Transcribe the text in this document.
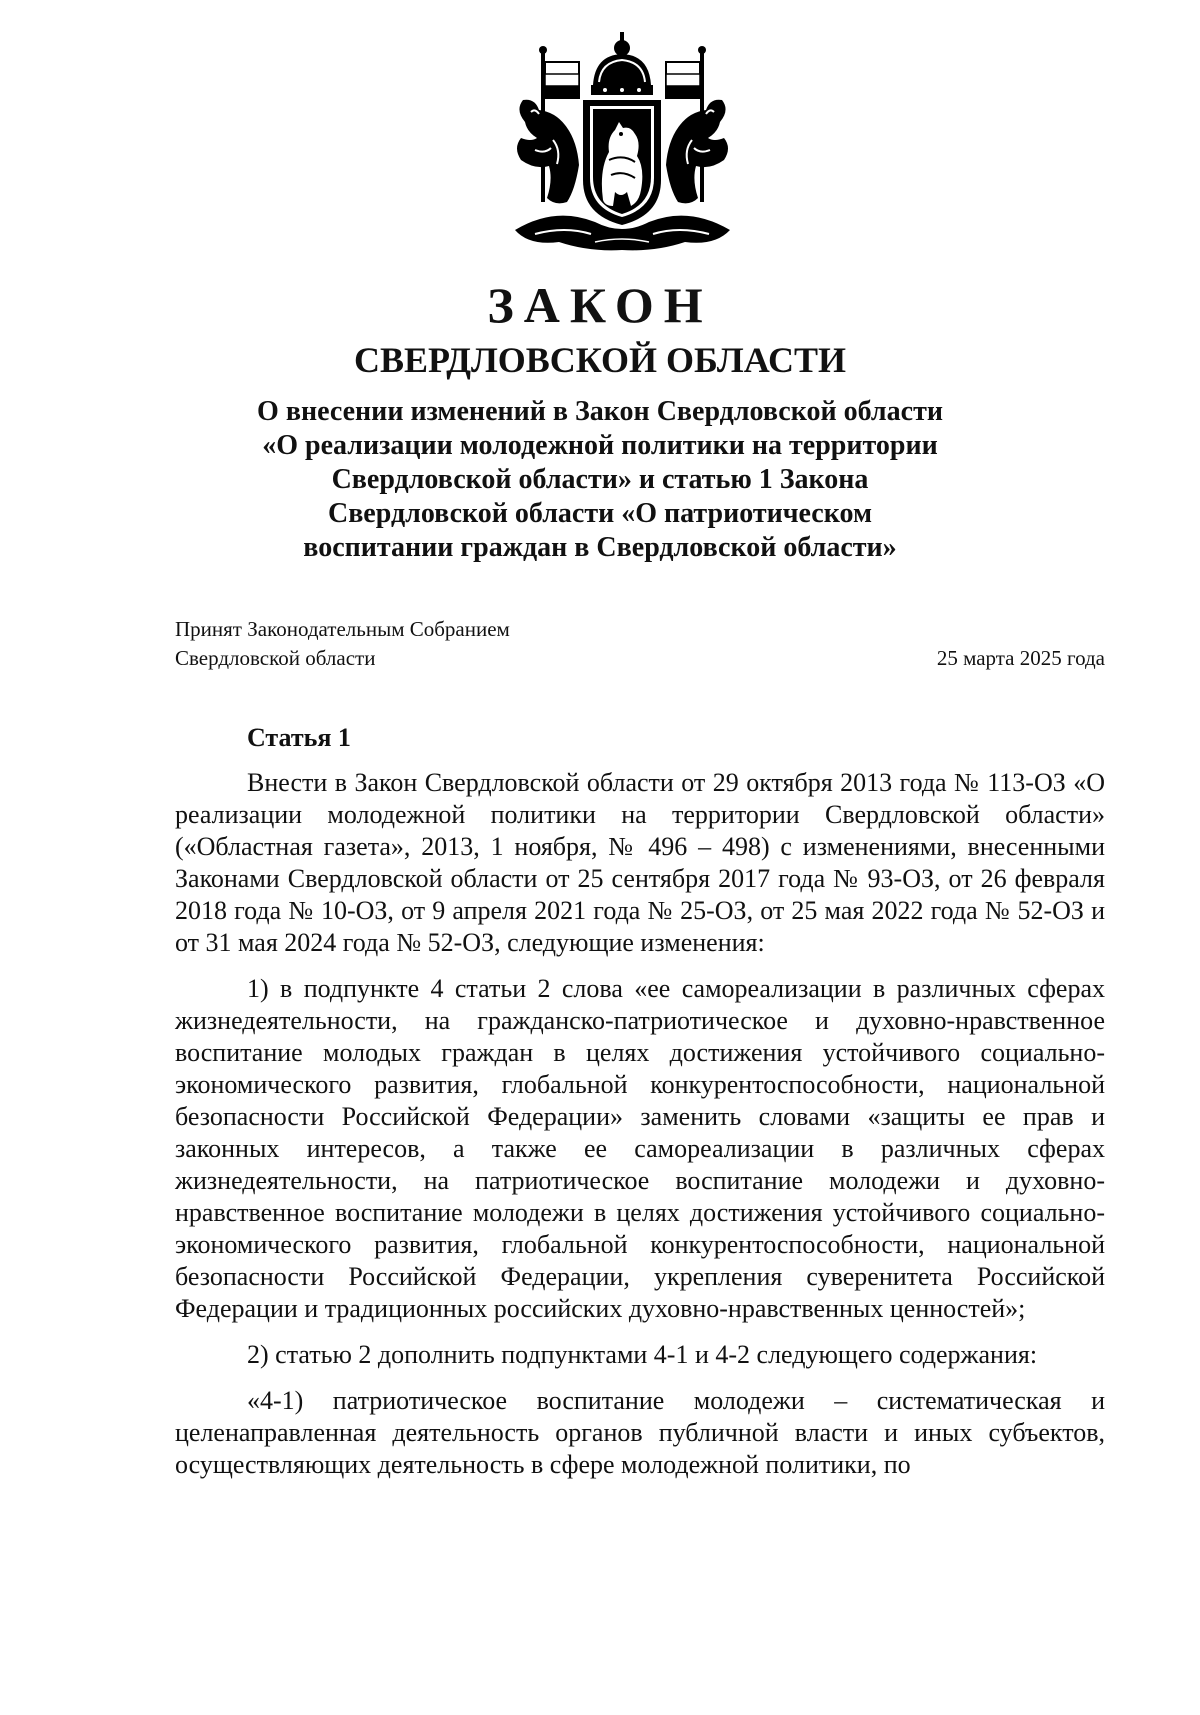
ЗАКОН
СВЕРДЛОВСКОЙ ОБЛАСТИ
О внесении изменений в Закон Свердловской области
«О реализации молодежной политики на территории
Свердловской области» и статью 1 Закона
Свердловской области «О патриотическом
воспитании граждан в Свердловской области»
Принят Законодательным Собранием
Свердловской области	25 марта 2025 года
Статья 1

Внести в Закон Свердловской области от 29 октября 2013 года № 113-ОЗ «О реализации молодежной политики на территории Свердловской области» («Областная газета», 2013, 1 ноября, № 496 – 498) с изменениями, внесенными Законами Свердловской области от 25 сентября 2017 года № 93-ОЗ, от 26 февраля 2018 года № 10-ОЗ, от 9 апреля 2021 года № 25-ОЗ, от 25 мая 2022 года № 52-ОЗ и от 31 мая 2024 года № 52-ОЗ, следующие изменения:

1) в подпункте 4 статьи 2 слова «ее самореализации в различных сферах жизнедеятельности, на гражданско-патриотическое и духовно-нравственное воспитание молодых граждан в целях достижения устойчивого социально-экономического развития, глобальной конкурентоспособности, национальной безопасности Российской Федерации» заменить словами «защиты ее прав и законных интересов, а также ее самореализации в различных сферах жизнедеятельности, на патриотическое воспитание молодежи и духовно-нравственное воспитание молодежи в целях достижения устойчивого социально-экономического развития, глобальной конкурентоспособности, национальной безопасности Российской Федерации, укрепления суверенитета Российской Федерации и традиционных российских духовно-нравственных ценностей»;

2) статью 2 дополнить подпунктами 4-1 и 4-2 следующего содержания:

«4-1) патриотическое воспитание молодежи – систематическая и целенаправленная деятельность органов публичной власти и иных субъектов, осуществляющих деятельность в сфере молодежной политики, по
